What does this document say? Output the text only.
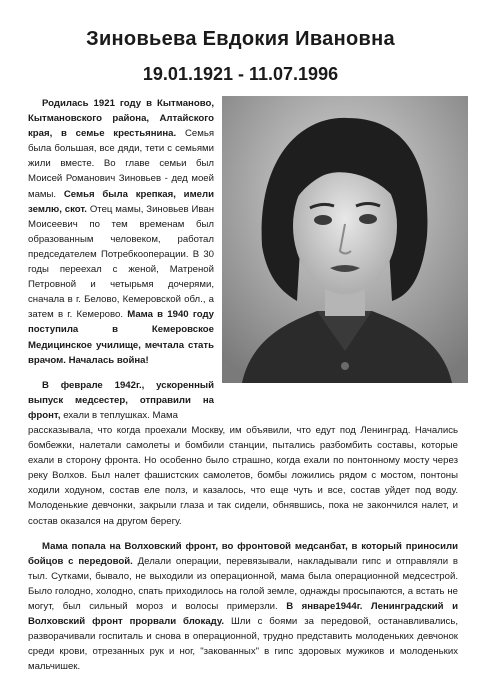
Зиновьева Евдокия Ивановна
19.01.1921 - 11.07.1996

Родилась 1921 году в Кытманово, Кытмановского района, Алтайского края, в семье крестьянина. Семья была большая, все дяди, тети с семьями жили вместе. Во главе семьи был Моисей Романович Зиновьев - дед моей мамы. Семья была крепкая, имели землю, скот. Отец мамы, Зиновьев Иван Моисеевич по тем временам был образованным человеком, работал председателем Потребкооперации. В 30 годы переехал с женой, Матреной Петровной и четырьмя дочерями, сначала в г. Белово, Кемеровской обл., а затем в г. Кемерово. Мама в 1940 году поступила в Кемеровское Медицинское училище, мечтала стать врачом. Началась война!

В феврале 1942г., ускоренный выпуск медсестер, отправили на фронт, ехали в теплушках. Мама

рассказывала, что когда проехали Москву, им объявили, что едут под Ленинград. Начались бомбежки, налетали самолеты и бомбили станции, пытались разбомбить составы, которые ехали в сторону фронта. Но особенно было страшно, когда ехали по понтонному мосту через реку Волхов. Был налет фашистских самолетов, бомбы ложились рядом с мостом, понтоны ходили ходуном, состав еле полз, и казалось, что еще чуть и все, состав уйдет под воду. Молоденькие девчонки, закрыли глаза и так сидели, обнявшись, пока не закончился налет, и состав оказался на другом берегу.

Мама попала на Волховский фронт, во фронтовой медсанбат, в который приносили бойцов с передовой. Делали операции, перевязывали, накладывали гипс и отправляли в тыл. Сутками, бывало, не выходили из операционной, мама была операционной медсестрой. Было голодно, холодно, спать приходилось на голой земле, однажды просыпаются, а встать не могут, был сильный мороз и волосы примерзли. В январе1944г. Ленинградский и Волховский фронт прорвали блокаду. Шли с боями за передовой, останавливались, разворачивали госпиталь и снова в операционной, трудно представить молоденьких девчонок среди крови, отрезанных рук и ног, "закованных" в гипс здоровых мужиков и молоденьких мальчишек.
